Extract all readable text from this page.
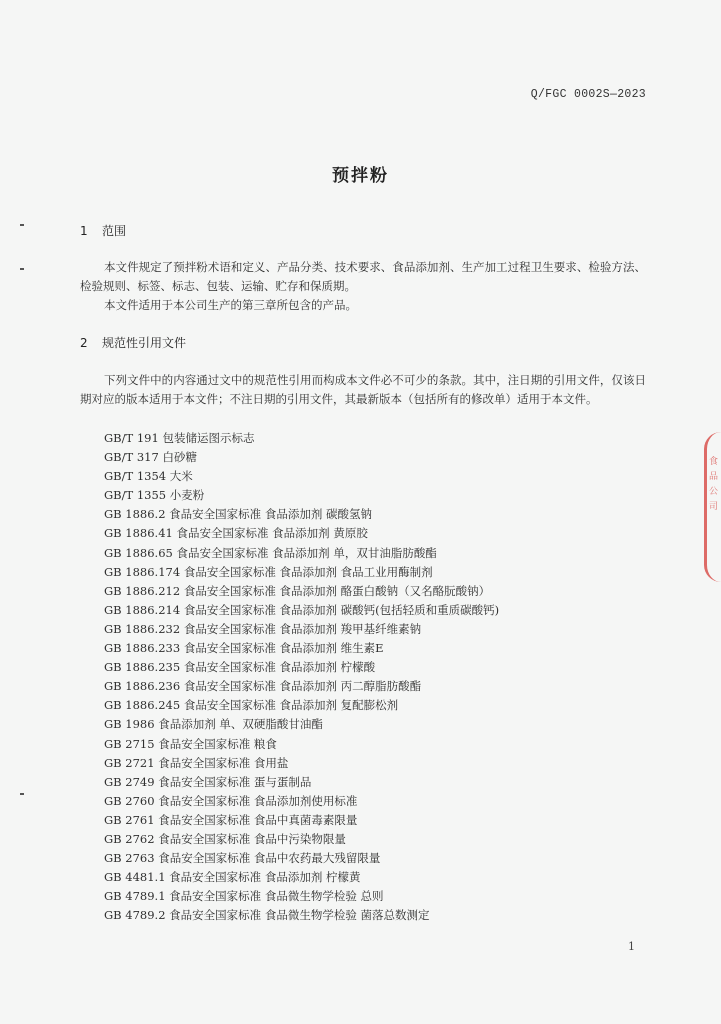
Q/FGC 0002S—2023
预拌粉
1 范围
本文件规定了预拌粉术语和定义、产品分类、技术要求、食品添加剂、生产加工过程卫生要求、检验方法、检验规则、标签、标志、包装、运输、贮存和保质期。
本文件适用于本公司生产的第三章所包含的产品。
2 规范性引用文件
下列文件中的内容通过文中的规范性引用而构成本文件必不可少的条款。其中，注日期的引用文件，仅该日期对应的版本适用于本文件；不注日期的引用文件，其最新版本（包括所有的修改单）适用于本文件。
GB/T 191 包装储运图示标志
GB/T 317 白砂糖
GB/T 1354 大米
GB/T 1355 小麦粉
GB 1886.2 食品安全国家标准 食品添加剂 碳酸氢钠
GB 1886.41 食品安全国家标准 食品添加剂 黄原胶
GB 1886.65 食品安全国家标准 食品添加剂 单，双甘油脂肪酸酯
GB 1886.174 食品安全国家标准 食品添加剂 食品工业用酶制剂
GB 1886.212 食品安全国家标准 食品添加剂 酪蛋白酸钠（又名酪朊酸钠）
GB 1886.214 食品安全国家标准 食品添加剂 碳酸钙(包括轻质和重质碳酸钙)
GB 1886.232 食品安全国家标准 食品添加剂 羧甲基纤维素钠
GB 1886.233 食品安全国家标准 食品添加剂 维生素E
GB 1886.235 食品安全国家标准 食品添加剂 柠檬酸
GB 1886.236 食品安全国家标准 食品添加剂 丙二醇脂肪酸酯
GB 1886.245 食品安全国家标准 食品添加剂 复配膨松剂
GB 1986 食品添加剂 单、双硬脂酸甘油酯
GB 2715 食品安全国家标准 粮食
GB 2721 食品安全国家标准 食用盐
GB 2749 食品安全国家标准 蛋与蛋制品
GB 2760 食品安全国家标准 食品添加剂使用标准
GB 2761 食品安全国家标准 食品中真菌毒素限量
GB 2762 食品安全国家标准 食品中污染物限量
GB 2763 食品安全国家标准 食品中农药最大残留限量
GB 4481.1 食品安全国家标准 食品添加剂 柠檬黄
GB 4789.1 食品安全国家标准 食品微生物学检验 总则
GB 4789.2 食品安全国家标准 食品微生物学检验 菌落总数测定
1
食品公司
